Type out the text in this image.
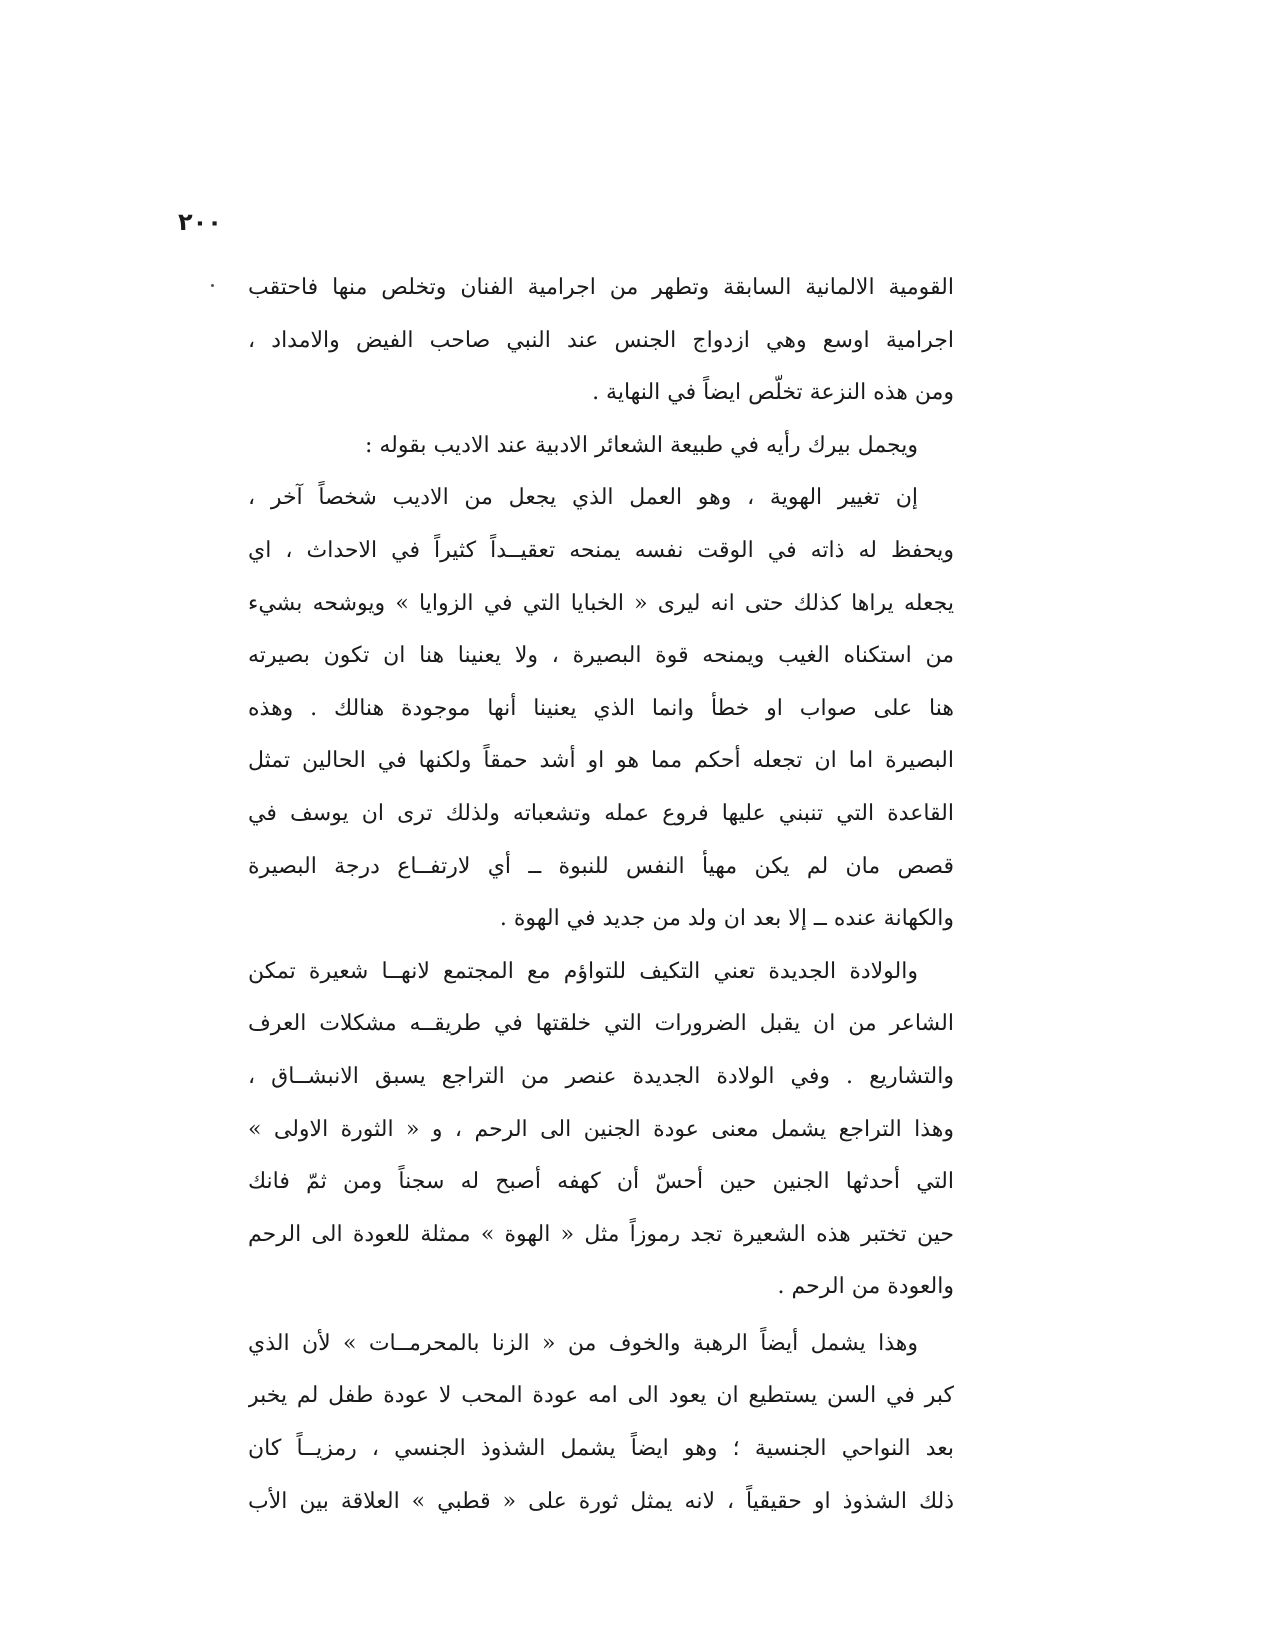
٢٠٠
القومية الالمانية السابقة وتطهر من اجرامية الفنان وتخلص منها فاحتقب
اجرامية اوسع وهي ازدواج الجنس عند النبي صاحب الفيض والامداد ،
ومن هذه النزعة تخلّص ايضاً في النهاية .
ويجمل بيرك رأيه في طبيعة الشعائر الادبية عند الاديب بقوله :
إن تغيير الهوية ، وهو العمل الذي يجعل من الاديب شخصاً آخر ،
ويحفظ له ذاته في الوقت نفسه يمنحه تعقيــداً كثيراً في الاحداث ، اي
يجعله يراها كذلك حتى انه ليرى « الخبايا التي في الزوايا » ويوشحه بشيء
من استكناه الغيب ويمنحه قوة البصيرة ، ولا يعنينا هنا ان تكون بصيرته
هنا على صواب او خطأ وانما الذي يعنينا أنها موجودة هنالك . وهذه
البصيرة اما ان تجعله أحكم مما هو او أشد حمقاً ولكنها في الحالين تمثل
القاعدة التي تنبني عليها فروع عمله وتشعباته ولذلك ترى ان يوسف في
قصص مان لم يكن مهيأ النفس للنبوة ــ أي لارتفــاع درجة البصيرة
والكهانة عنده ــ إلا بعد ان ولد من جديد في الهوة .
والولادة الجديدة تعني التكيف للتواؤم مع المجتمع لانهــا شعيرة تمكن
الشاعر من ان يقبل الضرورات التي خلقتها في طريقــه مشكلات العرف
والتشاريع . وفي الولادة الجديدة عنصر من التراجع يسبق الانبشــاق ،
وهذا التراجع يشمل معنى عودة الجنين الى الرحم ، و « الثورة الاولى »
التي أحدثها الجنين حين أحسّ أن كهفه أصبح له سجناً ومن ثمّ فانك
حين تختبر هذه الشعيرة تجد رموزاً مثل « الهوة » ممثلة للعودة الى الرحم
والعودة من الرحم .
وهذا يشمل أيضاً الرهبة والخوف من « الزنا بالمحرمــات » لأن الذي
كبر في السن يستطيع ان يعود الى امه عودة المحب لا عودة طفل لم يخبر
بعد النواحي الجنسية ؛ وهو ايضاً يشمل الشذوذ الجنسي ، رمزيــاً كان
ذلك الشذوذ او حقيقياً ، لانه يمثل ثورة على « قطبي » العلاقة بين الأب
